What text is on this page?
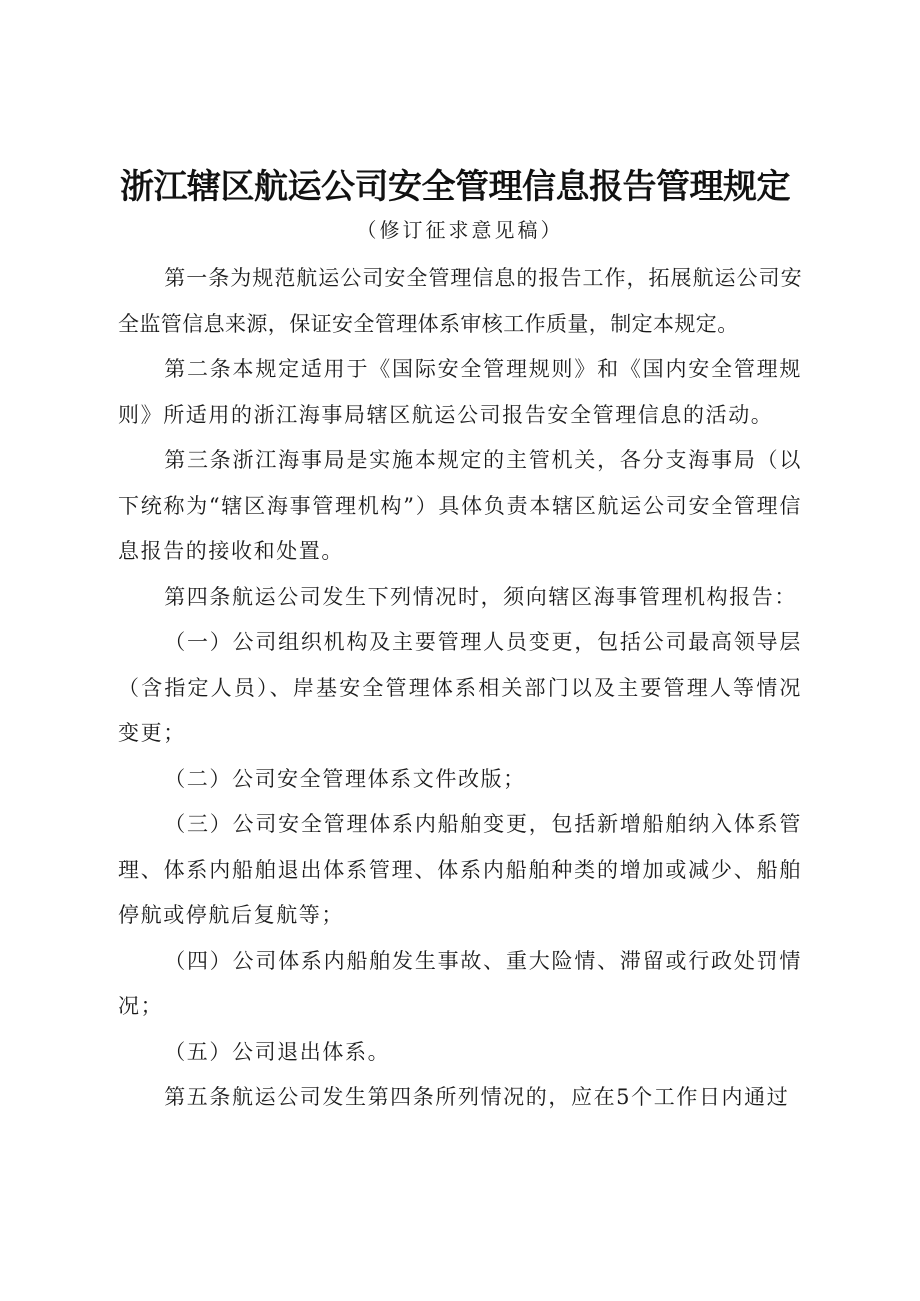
浙江辖区航运公司安全管理信息报告管理规定
（修订征求意见稿）

第一条为规范航运公司安全管理信息的报告工作，拓展航运公司安全监管信息来源，保证安全管理体系审核工作质量，制定本规定。

第二条本规定适用于《国际安全管理规则》和《国内安全管理规则》所适用的浙江海事局辖区航运公司报告安全管理信息的活动。

第三条浙江海事局是实施本规定的主管机关，各分支海事局（以下统称为“辖区海事管理机构”）具体负责本辖区航运公司安全管理信息报告的接收和处置。

第四条航运公司发生下列情况时，须向辖区海事管理机构报告：

（一）公司组织机构及主要管理人员变更，包括公司最高领导层（含指定人员）、岸基安全管理体系相关部门以及主要管理人等情况变更；

（二）公司安全管理体系文件改版；

（三）公司安全管理体系内船舶变更，包括新增船舶纳入体系管理、体系内船舶退出体系管理、体系内船舶种类的增加或减少、船舶停航或停航后复航等；

（四）公司体系内船舶发生事故、重大险情、滞留或行政处罚情况；

（五）公司退出体系。

第五条航运公司发生第四条所列情况的，应在5个工作日内通过
